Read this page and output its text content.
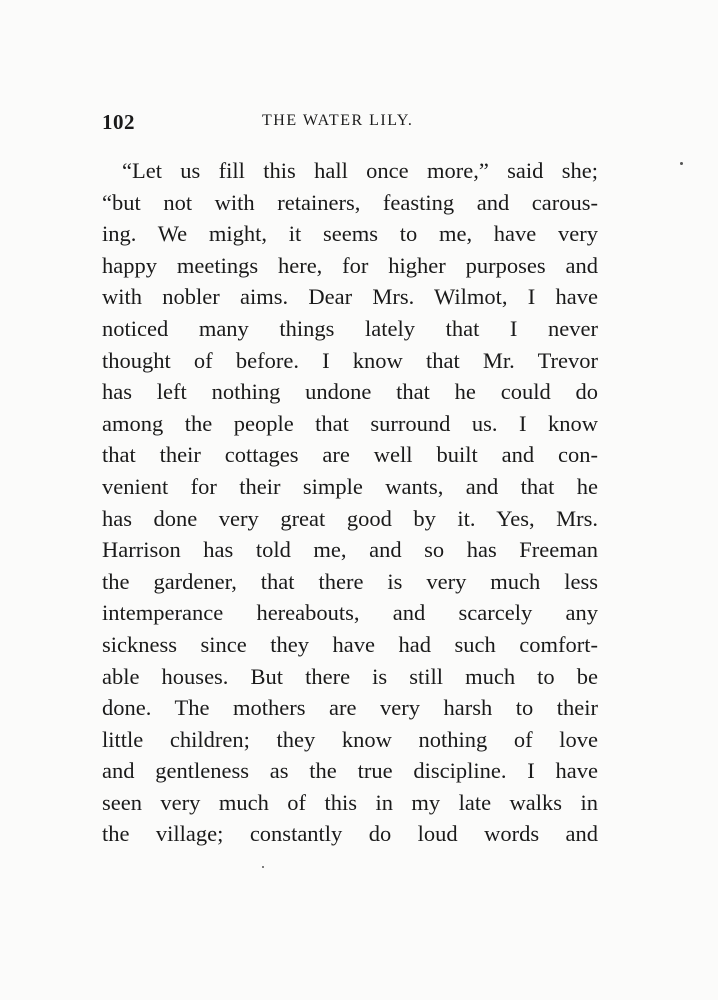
102	THE WATER LILY.
“Let us fill this hall once more,” said she;
“but not with retainers, feasting and carous-
ing. We might, it seems to me, have very
happy meetings here, for higher purposes and
with nobler aims. Dear Mrs. Wilmot, I have
noticed many things lately that I never
thought of before. I know that Mr. Trevor
has left nothing undone that he could do
among the people that surround us. I know
that their cottages are well built and con-
venient for their simple wants, and that he
has done very great good by it. Yes, Mrs.
Harrison has told me, and so has Freeman
the gardener, that there is very much less
intemperance hereabouts, and scarcely any
sickness since they have had such comfort-
able houses. But there is still much to be
done. The mothers are very harsh to their
little children; they know nothing of love
and gentleness as the true discipline. I have
seen very much of this in my late walks in
the village; constantly do loud words and
